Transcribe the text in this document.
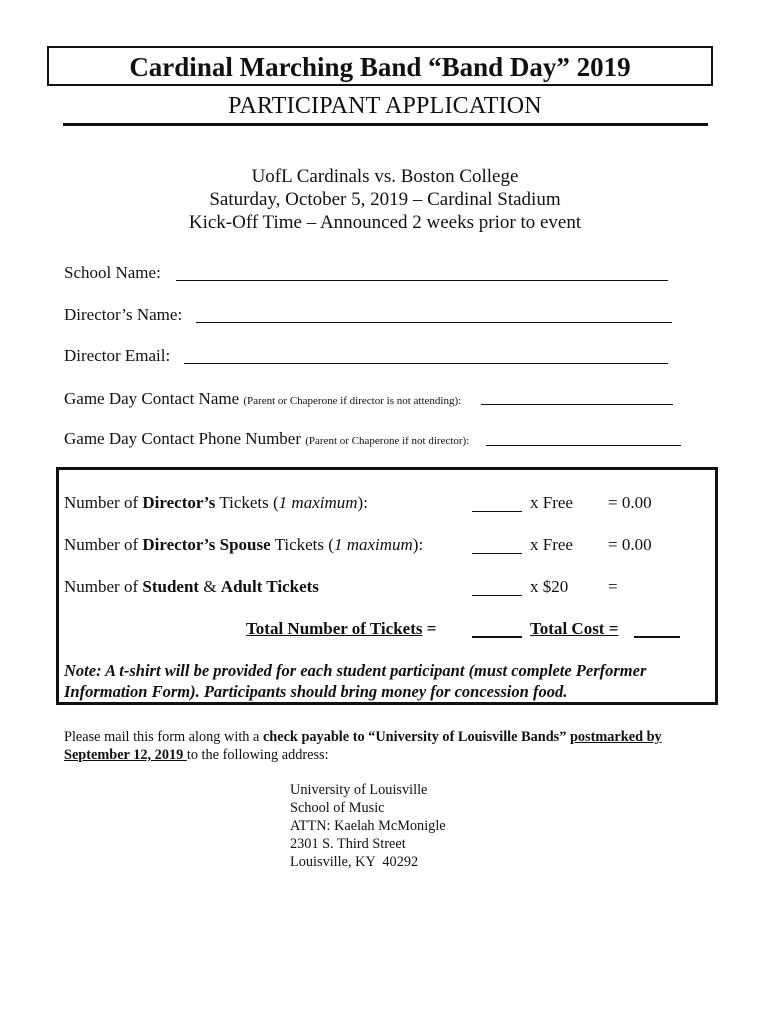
Cardinal Marching Band “Band Day” 2019
PARTICIPANT APPLICATION
UofL Cardinals vs. Boston College
Saturday, October 5, 2019 – Cardinal Stadium
Kick-Off Time – Announced 2 weeks prior to event
School Name:
Director’s Name:
Director Email:
Game Day Contact Name (Parent or Chaperone if director is not attending):
Game Day Contact Phone Number (Parent or Chaperone if not director):
Number of Director’s Tickets (1 maximum):	x Free = 0.00
Number of Director’s Spouse Tickets (1 maximum):	x Free = 0.00
Number of Student & Adult Tickets	x $20 =
Total Number of Tickets =	Total Cost =
Note: A t-shirt will be provided for each student participant (must complete Performer Information Form). Participants should bring money for concession food.
Please mail this form along with a check payable to “University of Louisville Bands” postmarked by September 12, 2019 to the following address:
University of Louisville
School of Music
ATTN: Kaelah McMonigle
2301 S. Third Street
Louisville, KY  40292
